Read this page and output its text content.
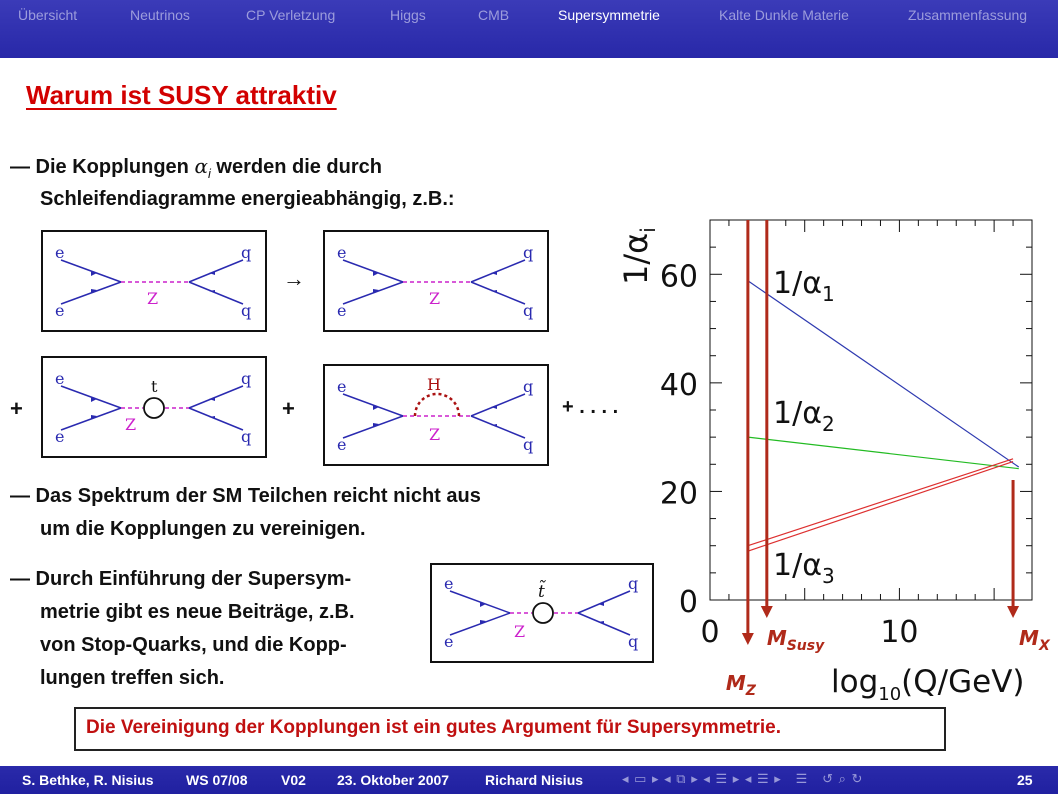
Übersicht	Neutrinos	CP Verletzung	Higgs	CMB	Supersymmetrie	Kalte Dunkle Materie	Zusammenfassung
Warum ist SUSY attraktiv
— Die Kopplungen $\alpha_i$ werden die durch
Schleifendiagramme energieabhängig, z.B.:
e
e
q
q
Z
→
e
e
q
q
Z
+
e
e
q
q
Z
t
+
e
e
q
q
Z
H
+ . . . .
— Das Spektrum der SM Teilchen reicht nicht aus
um die Kopplungen zu vereinigen.
— Durch Einführung der Supersym-
metrie gibt es neue Beiträge, z.B.
von Stop-Quarks, und die Kopp-
lungen treffen sich.
e
e
q
q
Z
t̃	0
20
40
60
0	10
$M_Z$
$M_{Susy}$	$M_X$
$1/\alpha_1$
$1/\alpha_2$
$1/\alpha_3$
$1/\alpha_i$
$\log_{10}(Q/GeV)$
Die Vereinigung der Kopplungen ist ein gutes Argument für Supersymmetrie.
S. Bethke, R. Nisius WS 07/08 V02 23. Oktober 2007	Richard Nisius	◂ ▭ ▸ ◂ ⧉ ▸ ◂ ☰ ▸ ◂ ☰ ▸   ☰   ↺ ⌕ ↻	25
